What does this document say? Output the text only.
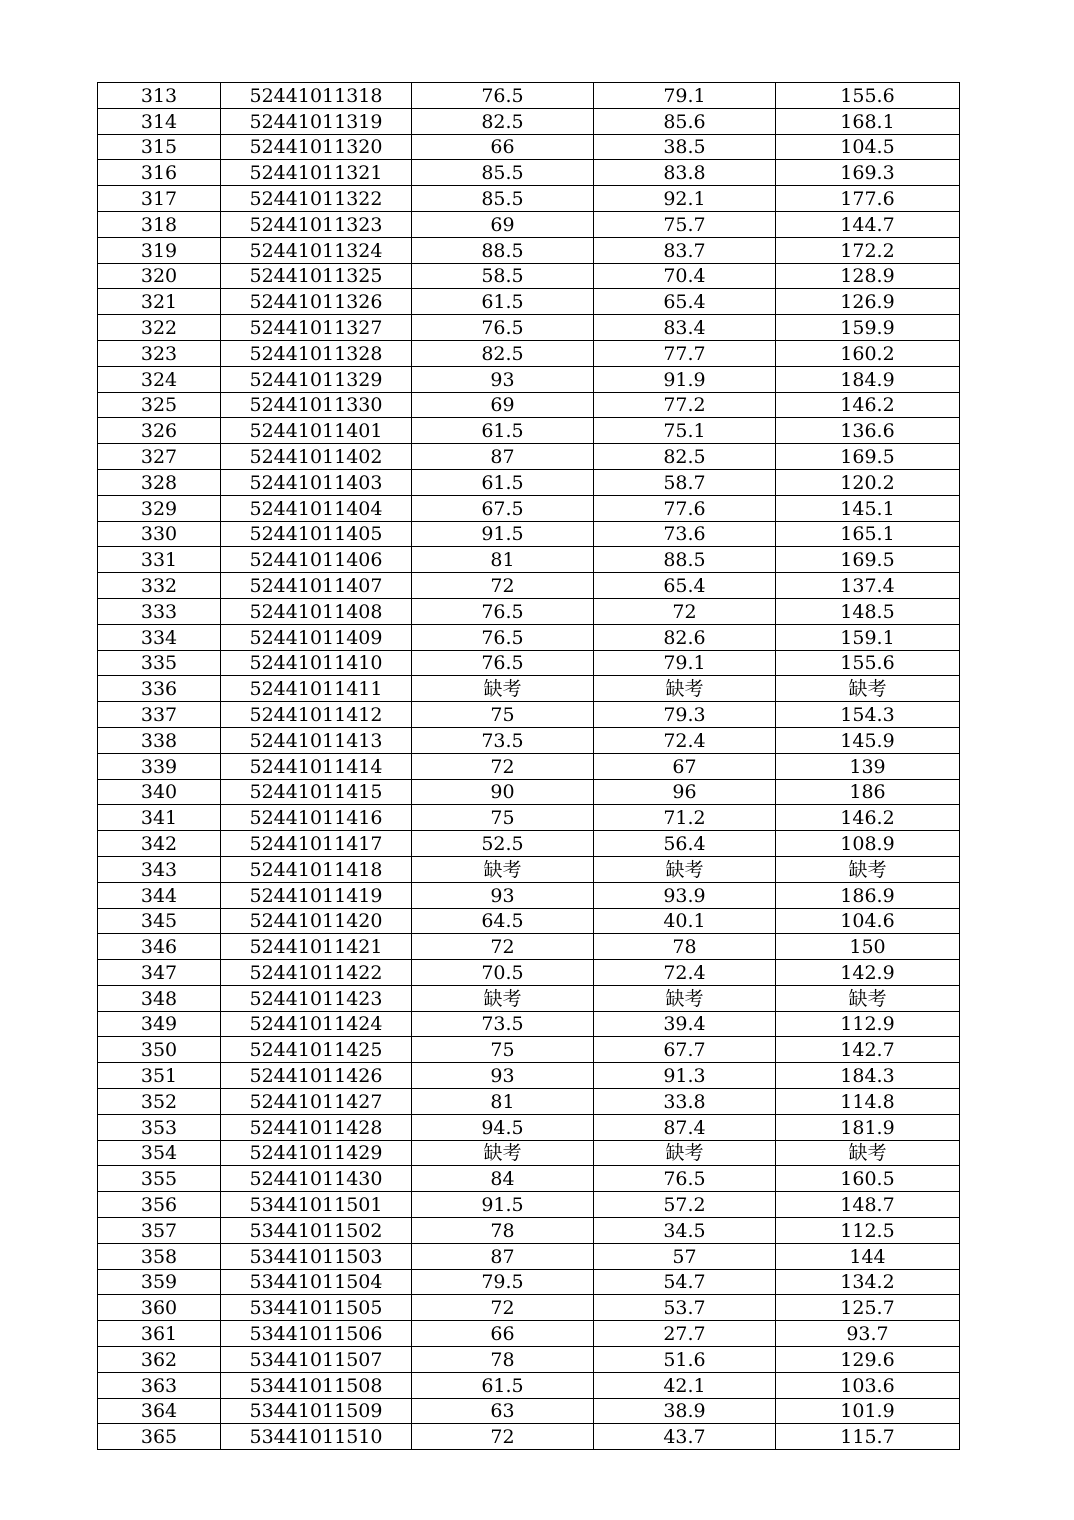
313	52441011318	76.5	79.1	155.6
314	52441011319	82.5	85.6	168.1
315	52441011320	66	38.5	104.5
316	52441011321	85.5	83.8	169.3
317	52441011322	85.5	92.1	177.6
318	52441011323	69	75.7	144.7
319	52441011324	88.5	83.7	172.2
320	52441011325	58.5	70.4	128.9
321	52441011326	61.5	65.4	126.9
322	52441011327	76.5	83.4	159.9
323	52441011328	82.5	77.7	160.2
324	52441011329	93	91.9	184.9
325	52441011330	69	77.2	146.2
326	52441011401	61.5	75.1	136.6
327	52441011402	87	82.5	169.5
328	52441011403	61.5	58.7	120.2
329	52441011404	67.5	77.6	145.1
330	52441011405	91.5	73.6	165.1
331	52441011406	81	88.5	169.5
332	52441011407	72	65.4	137.4
333	52441011408	76.5	72	148.5
334	52441011409	76.5	82.6	159.1
335	52441011410	76.5	79.1	155.6
336	52441011411	缺考	缺考	缺考
337	52441011412	75	79.3	154.3
338	52441011413	73.5	72.4	145.9
339	52441011414	72	67	139
340	52441011415	90	96	186
341	52441011416	75	71.2	146.2
342	52441011417	52.5	56.4	108.9
343	52441011418	缺考	缺考	缺考
344	52441011419	93	93.9	186.9
345	52441011420	64.5	40.1	104.6
346	52441011421	72	78	150
347	52441011422	70.5	72.4	142.9
348	52441011423	缺考	缺考	缺考
349	52441011424	73.5	39.4	112.9
350	52441011425	75	67.7	142.7
351	52441011426	93	91.3	184.3
352	52441011427	81	33.8	114.8
353	52441011428	94.5	87.4	181.9
354	52441011429	缺考	缺考	缺考
355	52441011430	84	76.5	160.5
356	53441011501	91.5	57.2	148.7
357	53441011502	78	34.5	112.5
358	53441011503	87	57	144
359	53441011504	79.5	54.7	134.2
360	53441011505	72	53.7	125.7
361	53441011506	66	27.7	93.7
362	53441011507	78	51.6	129.6
363	53441011508	61.5	42.1	103.6
364	53441011509	63	38.9	101.9
365	53441011510	72	43.7	115.7
